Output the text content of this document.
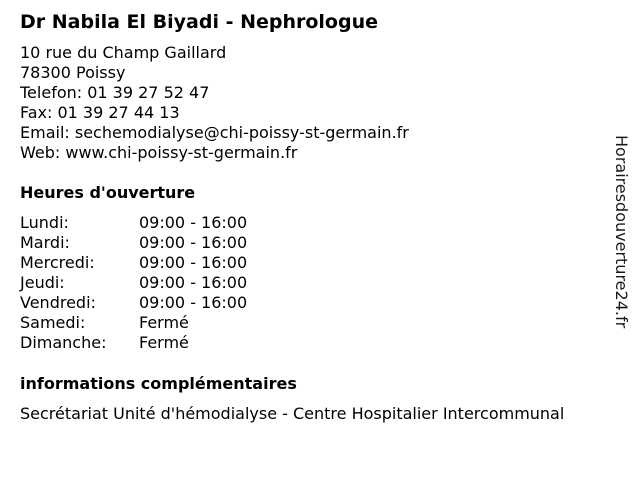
Dr Nabila El Biyadi - Nephrologue
10 rue du Champ Gaillard
78300 Poissy
Telefon: 01 39 27 52 47
Fax: 01 39 27 44 13
Email: sechemodialyse@chi-poissy-st-germain.fr
Web: www.chi-poissy-st-germain.fr
Heures d'ouverture
Lundi:	09:00 - 16:00
Mardi:	09:00 - 16:00
Mercredi:	09:00 - 16:00
Jeudi:	09:00 - 16:00
Vendredi:	09:00 - 16:00
Samedi:	Fermé
Dimanche:	Fermé
informations complémentaires
Secrétariat Unité d'hémodialyse - Centre Hospitalier Intercommunal
Horairesdouverture24.fr
